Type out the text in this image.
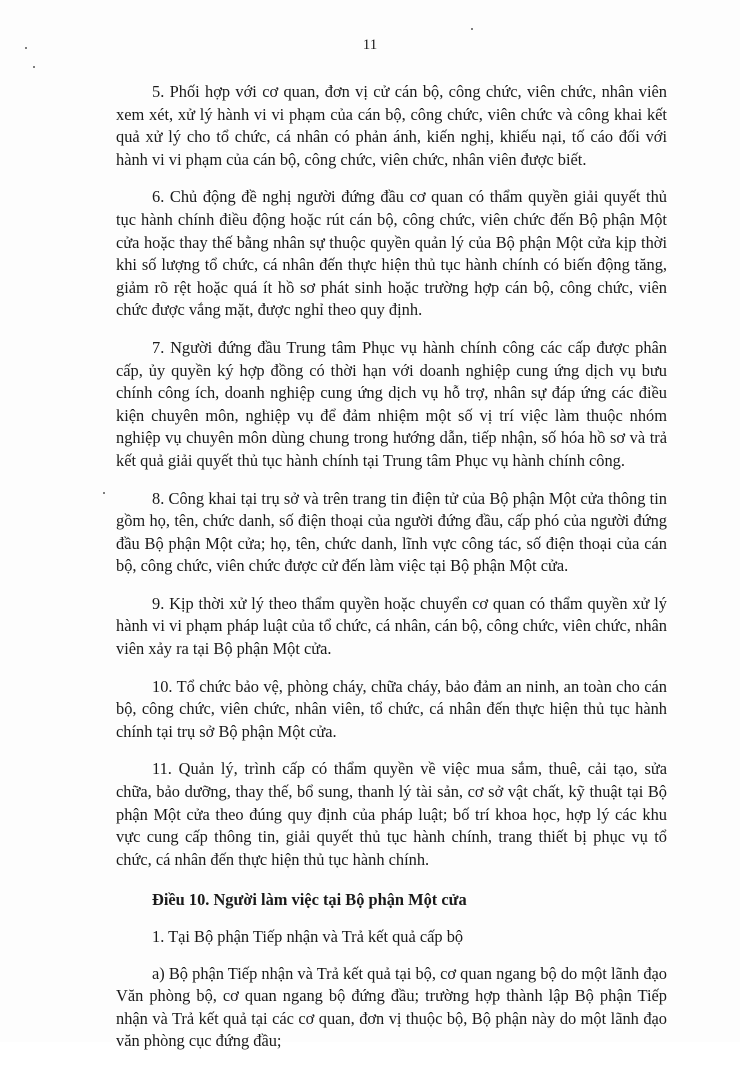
11

5. Phối hợp với cơ quan, đơn vị cử cán bộ, công chức, viên chức, nhân viên xem xét, xử lý hành vi vi phạm của cán bộ, công chức, viên chức và công khai kết quả xử lý cho tổ chức, cá nhân có phản ánh, kiến nghị, khiếu nại, tố cáo đối với hành vi vi phạm của cán bộ, công chức, viên chức, nhân viên được biết.

6. Chủ động đề nghị người đứng đầu cơ quan có thẩm quyền giải quyết thủ tục hành chính điều động hoặc rút cán bộ, công chức, viên chức đến Bộ phận Một cửa hoặc thay thế bằng nhân sự thuộc quyền quản lý của Bộ phận Một cửa kịp thời khi số lượng tổ chức, cá nhân đến thực hiện thủ tục hành chính có biến động tăng, giảm rõ rệt hoặc quá ít hồ sơ phát sinh hoặc trường hợp cán bộ, công chức, viên chức được vắng mặt, được nghỉ theo quy định.

7. Người đứng đầu Trung tâm Phục vụ hành chính công các cấp được phân cấp, ủy quyền ký hợp đồng có thời hạn với doanh nghiệp cung ứng dịch vụ bưu chính công ích, doanh nghiệp cung ứng dịch vụ hỗ trợ, nhân sự đáp ứng các điều kiện chuyên môn, nghiệp vụ để đảm nhiệm một số vị trí việc làm thuộc nhóm nghiệp vụ chuyên môn dùng chung trong hướng dẫn, tiếp nhận, số hóa hồ sơ và trả kết quả giải quyết thủ tục hành chính tại Trung tâm Phục vụ hành chính công.

8. Công khai tại trụ sở và trên trang tin điện tử của Bộ phận Một cửa thông tin gồm họ, tên, chức danh, số điện thoại của người đứng đầu, cấp phó của người đứng đầu Bộ phận Một cửa; họ, tên, chức danh, lĩnh vực công tác, số điện thoại của cán bộ, công chức, viên chức được cử đến làm việc tại Bộ phận Một cửa.

9. Kịp thời xử lý theo thẩm quyền hoặc chuyển cơ quan có thẩm quyền xử lý hành vi vi phạm pháp luật của tổ chức, cá nhân, cán bộ, công chức, viên chức, nhân viên xảy ra tại Bộ phận Một cửa.

10. Tổ chức bảo vệ, phòng cháy, chữa cháy, bảo đảm an ninh, an toàn cho cán bộ, công chức, viên chức, nhân viên, tổ chức, cá nhân đến thực hiện thủ tục hành chính tại trụ sở Bộ phận Một cửa.

11. Quản lý, trình cấp có thẩm quyền về việc mua sắm, thuê, cải tạo, sửa chữa, bảo dưỡng, thay thế, bổ sung, thanh lý tài sản, cơ sở vật chất, kỹ thuật tại Bộ phận Một cửa theo đúng quy định của pháp luật; bố trí khoa học, hợp lý các khu vực cung cấp thông tin, giải quyết thủ tục hành chính, trang thiết bị phục vụ tổ chức, cá nhân đến thực hiện thủ tục hành chính.

Điều 10. Người làm việc tại Bộ phận Một cửa

1. Tại Bộ phận Tiếp nhận và Trả kết quả cấp bộ

a) Bộ phận Tiếp nhận và Trả kết quả tại bộ, cơ quan ngang bộ do một lãnh đạo Văn phòng bộ, cơ quan ngang bộ đứng đầu; trường hợp thành lập Bộ phận Tiếp nhận và Trả kết quả tại các cơ quan, đơn vị thuộc bộ, Bộ phận này do một lãnh đạo văn phòng cục đứng đầu;
